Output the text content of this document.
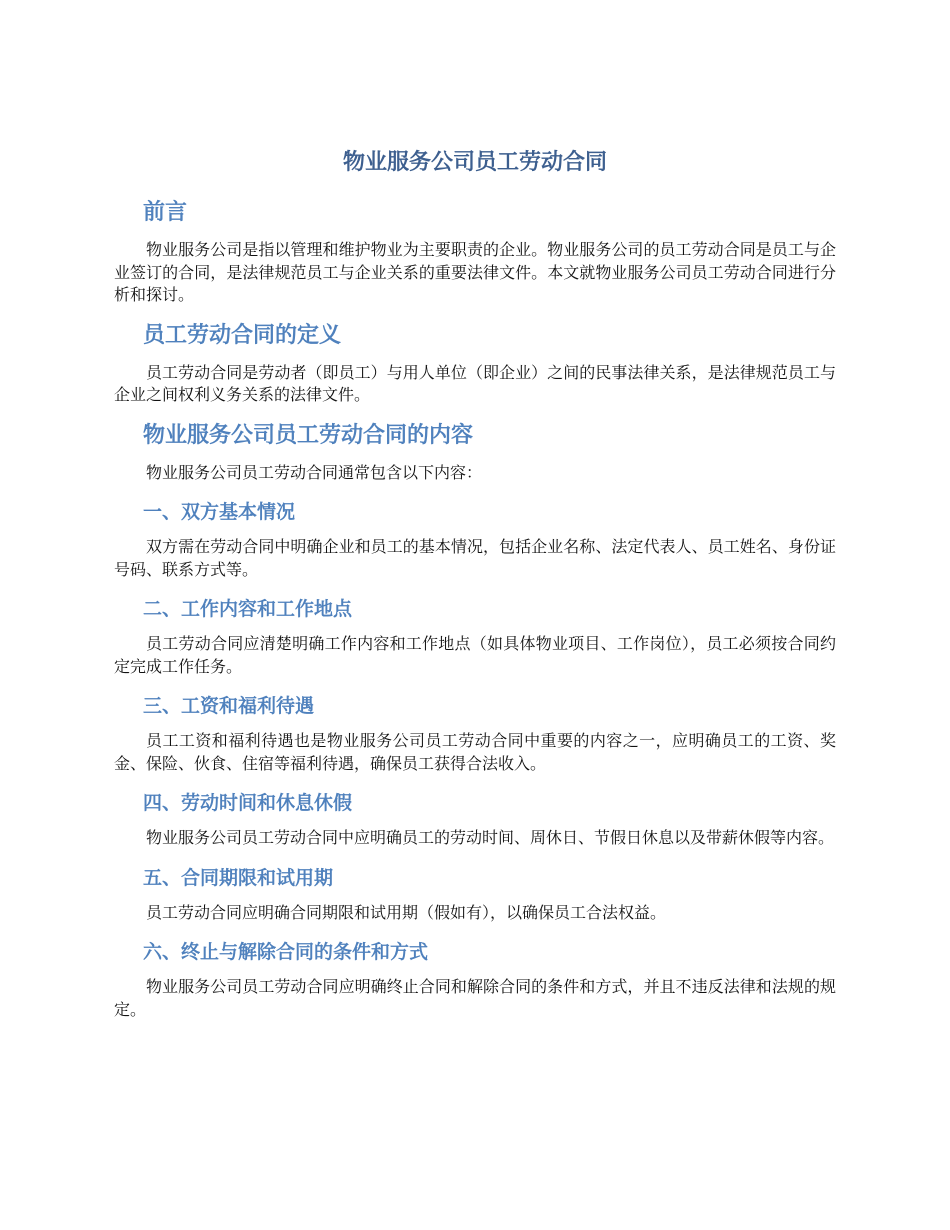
物业服务公司员工劳动合同
前言

物业服务公司是指以管理和维护物业为主要职责的企业。物业服务公司的员工劳动合同是员工与企业签订的合同，是法律规范员工与企业关系的重要法律文件。本文就物业服务公司员工劳动合同进行分析和探讨。

员工劳动合同的定义

员工劳动合同是劳动者（即员工）与用人单位（即企业）之间的民事法律关系，是法律规范员工与企业之间权利义务关系的法律文件。

物业服务公司员工劳动合同的内容

物业服务公司员工劳动合同通常包含以下内容：

一、双方基本情况

双方需在劳动合同中明确企业和员工的基本情况，包括企业名称、法定代表人、员工姓名、身份证号码、联系方式等。

二、工作内容和工作地点

员工劳动合同应清楚明确工作内容和工作地点（如具体物业项目、工作岗位），员工必须按合同约定完成工作任务。

三、工资和福利待遇

员工工资和福利待遇也是物业服务公司员工劳动合同中重要的内容之一，应明确员工的工资、奖金、保险、伙食、住宿等福利待遇，确保员工获得合法收入。

四、劳动时间和休息休假

物业服务公司员工劳动合同中应明确员工的劳动时间、周休日、节假日休息以及带薪休假等内容。

五、合同期限和试用期

员工劳动合同应明确合同期限和试用期（假如有），以确保员工合法权益。

六、终止与解除合同的条件和方式

物业服务公司员工劳动合同应明确终止合同和解除合同的条件和方式，并且不违反法律和法规的规定。
